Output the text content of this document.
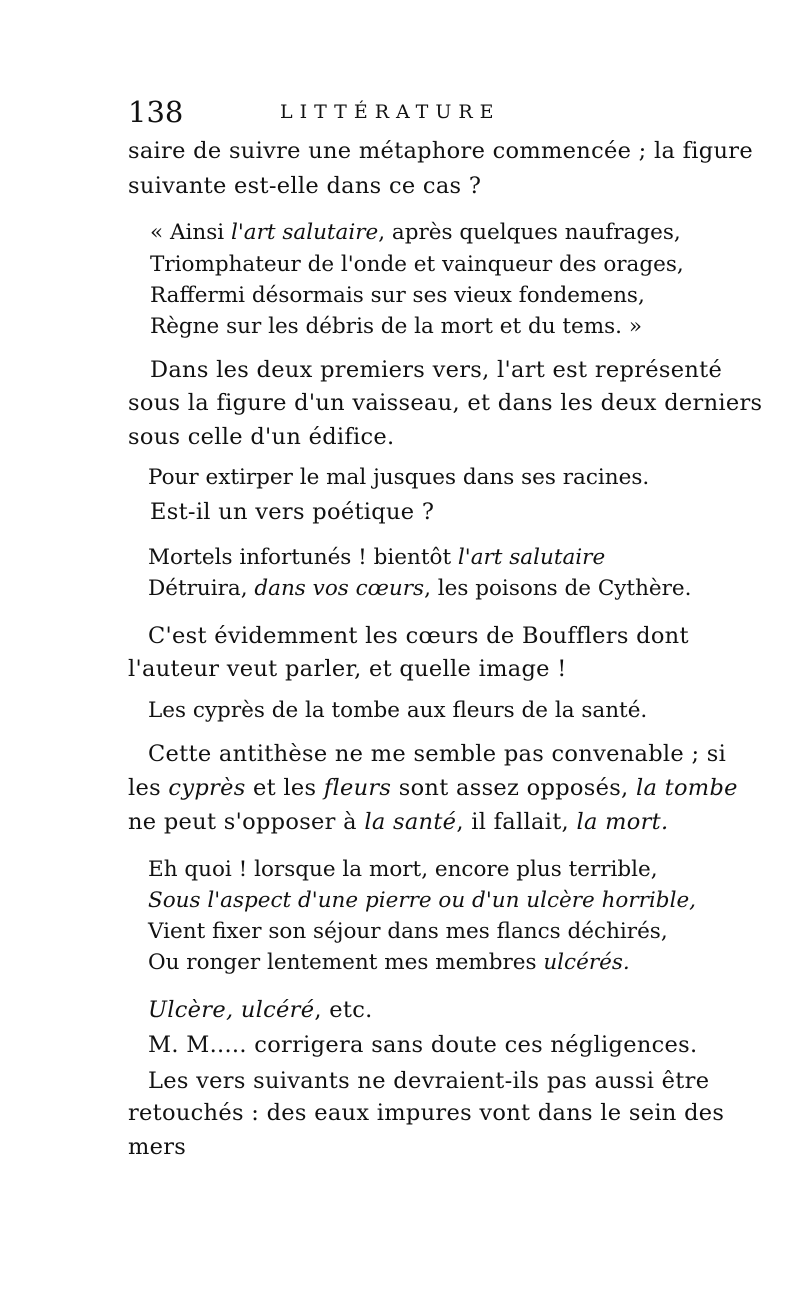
138	LITTÉRATURE
saire de suivre une métaphore commencée ; la figure
suivante est-elle dans ce cas ?
« Ainsi l'art salutaire, après quelques naufrages,
Triomphateur de l'onde et vainqueur des orages,
Raffermi désormais sur ses vieux fondemens,
Règne sur les débris de la mort et du tems. »
Dans les deux premiers vers, l'art est représenté
sous la figure d'un vaisseau, et dans les deux derniers
sous celle d'un édifice.
Pour extirper le mal jusques dans ses racines.
Est-il un vers poétique ?
Mortels infortunés ! bientôt l'art salutaire
Détruira, dans vos cœurs, les poisons de Cythère.
C'est évidemment les cœurs de Boufflers dont
l'auteur veut parler, et quelle image !
Les cyprès de la tombe aux fleurs de la santé.
Cette antithèse ne me semble pas convenable ; si
les cyprès et les fleurs sont assez opposés, la tombe
ne peut s'opposer à la santé, il fallait, la mort.
Eh quoi ! lorsque la mort, encore plus terrible,
Sous l'aspect d'une pierre ou d'un ulcère horrible,
Vient fixer son séjour dans mes flancs déchirés,
Ou ronger lentement mes membres ulcérés.
Ulcère, ulcéré, etc.
M. M..... corrigera sans doute ces négligences.
Les vers suivants ne devraient-ils pas aussi être
retouchés : des eaux impures vont dans le sein des
mers
